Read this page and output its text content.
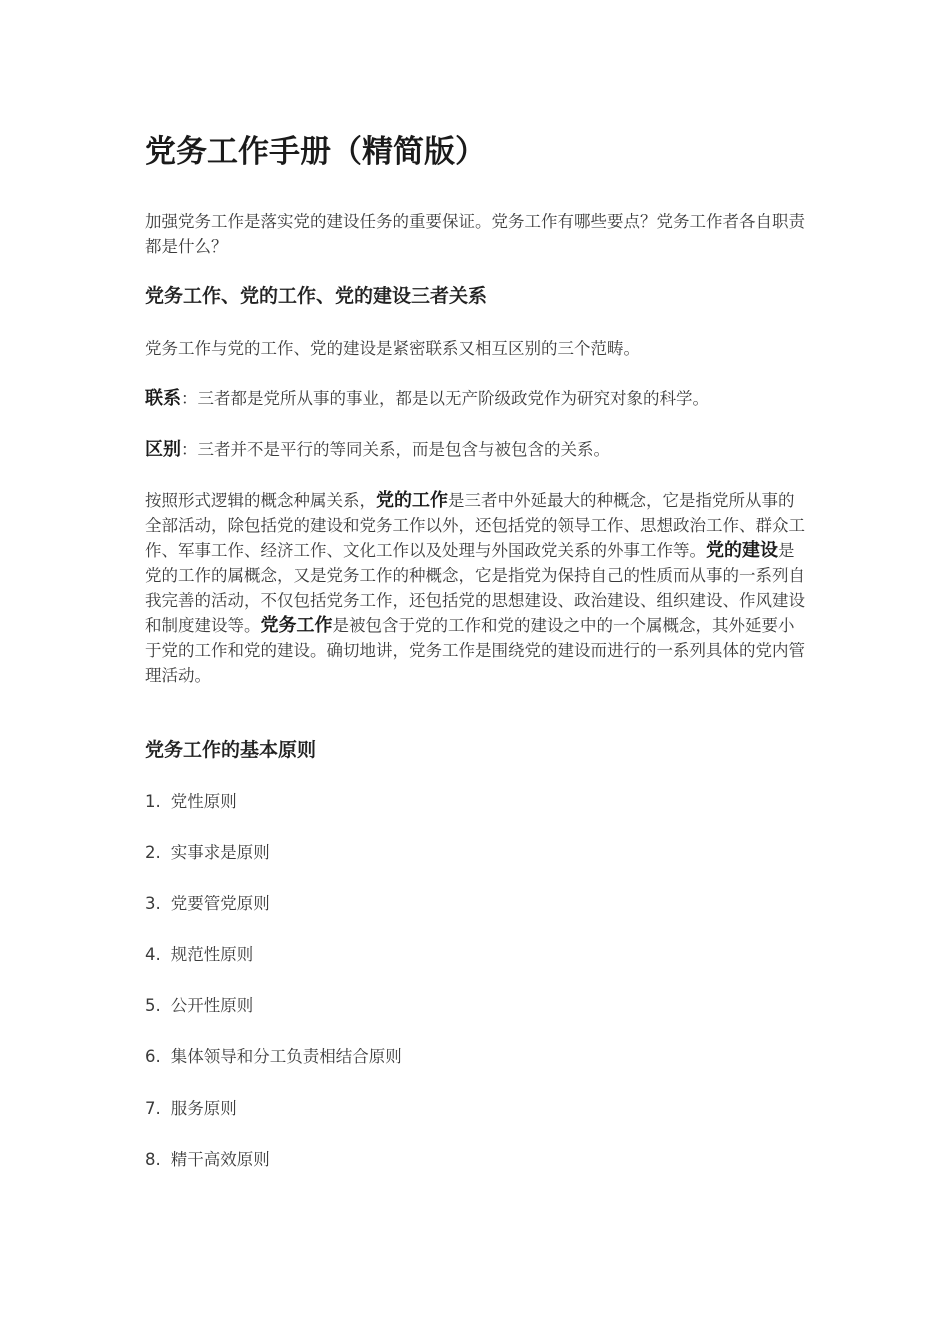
党务工作手册（精简版）

加强党务工作是落实党的建设任务的重要保证。党务工作有哪些要点？党务工作者各自职责都是什么？

党务工作、党的工作、党的建设三者关系

党务工作与党的工作、党的建设是紧密联系又相互区别的三个范畴。

联系：三者都是党所从事的事业，都是以无产阶级政党作为研究对象的科学。

区别：三者并不是平行的等同关系，而是包含与被包含的关系。

按照形式逻辑的概念种属关系，党的工作是三者中外延最大的种概念，它是指党所从事的全部活动，除包括党的建设和党务工作以外，还包括党的领导工作、思想政治工作、群众工作、军事工作、经济工作、文化工作以及处理与外国政党关系的外事工作等。党的建设是党的工作的属概念，又是党务工作的种概念，它是指党为保持自己的性质而从事的一系列自我完善的活动，不仅包括党务工作，还包括党的思想建设、政治建设、组织建设、作风建设和制度建设等。党务工作是被包含于党的工作和党的建设之中的一个属概念，其外延要小于党的工作和党的建设。确切地讲，党务工作是围绕党的建设而进行的一系列具体的党内管理活动。

党务工作的基本原则

1. 党性原则

2. 实事求是原则

3. 党要管党原则

4. 规范性原则

5. 公开性原则

6. 集体领导和分工负责相结合原则

7. 服务原则

8. 精干高效原则
